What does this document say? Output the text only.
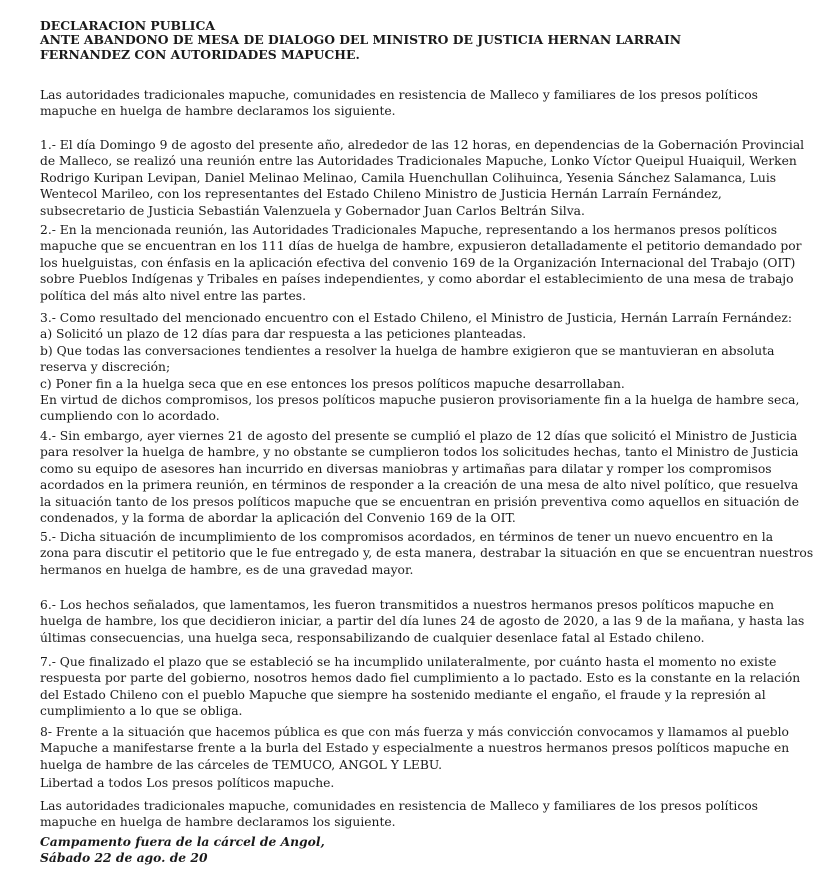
DECLARACION PUBLICA
ANTE ABANDONO DE MESA DE DIALOGO DEL MINISTRO DE JUSTICIA HERNAN LARRAIN
FERNANDEZ CON AUTORIDADES MAPUCHE.
Las autoridades tradicionales mapuche, comunidades en resistencia de Malleco y familiares de los presos políticos
mapuche en huelga de hambre declaramos los siguiente.
1.- El día Domingo 9 de agosto del presente año, alrededor de las 12 horas, en dependencias de la Gobernación Provincial
de Malleco, se realizó una reunión entre las Autoridades Tradicionales Mapuche, Lonko Víctor Queipul Huaiquil, Werken
Rodrigo Kuripan Levipan, Daniel Melinao Melinao, Camila Huenchullan Colihuinca, Yesenia Sánchez Salamanca, Luis
Wentecol Marileo, con los representantes del Estado Chileno Ministro de Justicia Hernán Larraín Fernández,
subsecretario de Justicia Sebastián Valenzuela y Gobernador Juan Carlos Beltrán Silva.
2.- En la mencionada reunión, las Autoridades Tradicionales Mapuche, representando a los hermanos presos políticos
mapuche que se encuentran en los 111 días de huelga de hambre, expusieron detalladamente el petitorio demandado por
los huelguistas, con énfasis en la aplicación efectiva del convenio 169 de la Organización Internacional del Trabajo (OIT)
sobre Pueblos Indígenas y Tribales en países independientes, y como abordar el establecimiento de una mesa de trabajo
política del más alto nivel entre las partes.
3.- Como resultado del mencionado encuentro con el Estado Chileno, el Ministro de Justicia, Hernán Larraín Fernández:
a) Solicitó un plazo de 12 días para dar respuesta a las peticiones planteadas.
b) Que todas las conversaciones tendientes a resolver la huelga de hambre exigieron que se mantuvieran en absoluta
reserva y discreción;
c) Poner fin a la huelga seca que en ese entonces los presos políticos mapuche desarrollaban.
En virtud de dichos compromisos, los presos políticos mapuche pusieron provisoriamente fin a la huelga de hambre seca,
cumpliendo con lo acordado.
4.- Sin embargo, ayer viernes 21 de agosto del presente se cumplió el plazo de 12 días que solicitó el Ministro de Justicia
para resolver la huelga de hambre, y no obstante se cumplieron todos los solicitudes hechas, tanto el Ministro de Justicia
como su equipo de asesores han incurrido en diversas maniobras y artimañas para dilatar y romper los compromisos
acordados en la primera reunión, en términos de responder a la creación de una mesa de alto nivel político, que resuelva
la situación tanto de los presos políticos mapuche que se encuentran en prisión preventiva como aquellos en situación de
condenados, y la forma de abordar la aplicación del Convenio 169 de la OIT.
5.- Dicha situación de incumplimiento de los compromisos acordados, en términos de tener un nuevo encuentro en la
zona para discutir el petitorio que le fue entregado y, de esta manera, destrabar la situación en que se encuentran nuestros
hermanos en huelga de hambre, es de una gravedad mayor.
6.- Los hechos señalados, que lamentamos, les fueron transmitidos a nuestros hermanos presos políticos mapuche en
huelga de hambre, los que decidieron iniciar, a partir del día lunes 24 de agosto de 2020, a las 9 de la mañana, y hasta las
últimas consecuencias, una huelga seca, responsabilizando de cualquier desenlace fatal al Estado chileno.
7.- Que finalizado el plazo que se estableció se ha incumplido unilateralmente, por cuánto hasta el momento no existe
respuesta por parte del gobierno, nosotros hemos dado fiel cumplimiento a lo pactado. Esto es la constante en la relación
del Estado Chileno con el pueblo Mapuche que siempre ha sostenido mediante el engaño, el fraude y la represión al
cumplimiento a lo que se obliga.
8- Frente a la situación que hacemos pública es que con más fuerza y más convicción convocamos y llamamos al pueblo
Mapuche a manifestarse frente a la burla del Estado y especialmente a nuestros hermanos presos políticos mapuche en
huelga de hambre de las cárceles de TEMUCO, ANGOL Y LEBU.
Libertad a todos Los presos políticos mapuche.
Las autoridades tradicionales mapuche, comunidades en resistencia de Malleco y familiares de los presos políticos
mapuche en huelga de hambre declaramos los siguiente.
Campamento fuera de la cárcel de Angol,
Sábado 22 de ago. de 20
